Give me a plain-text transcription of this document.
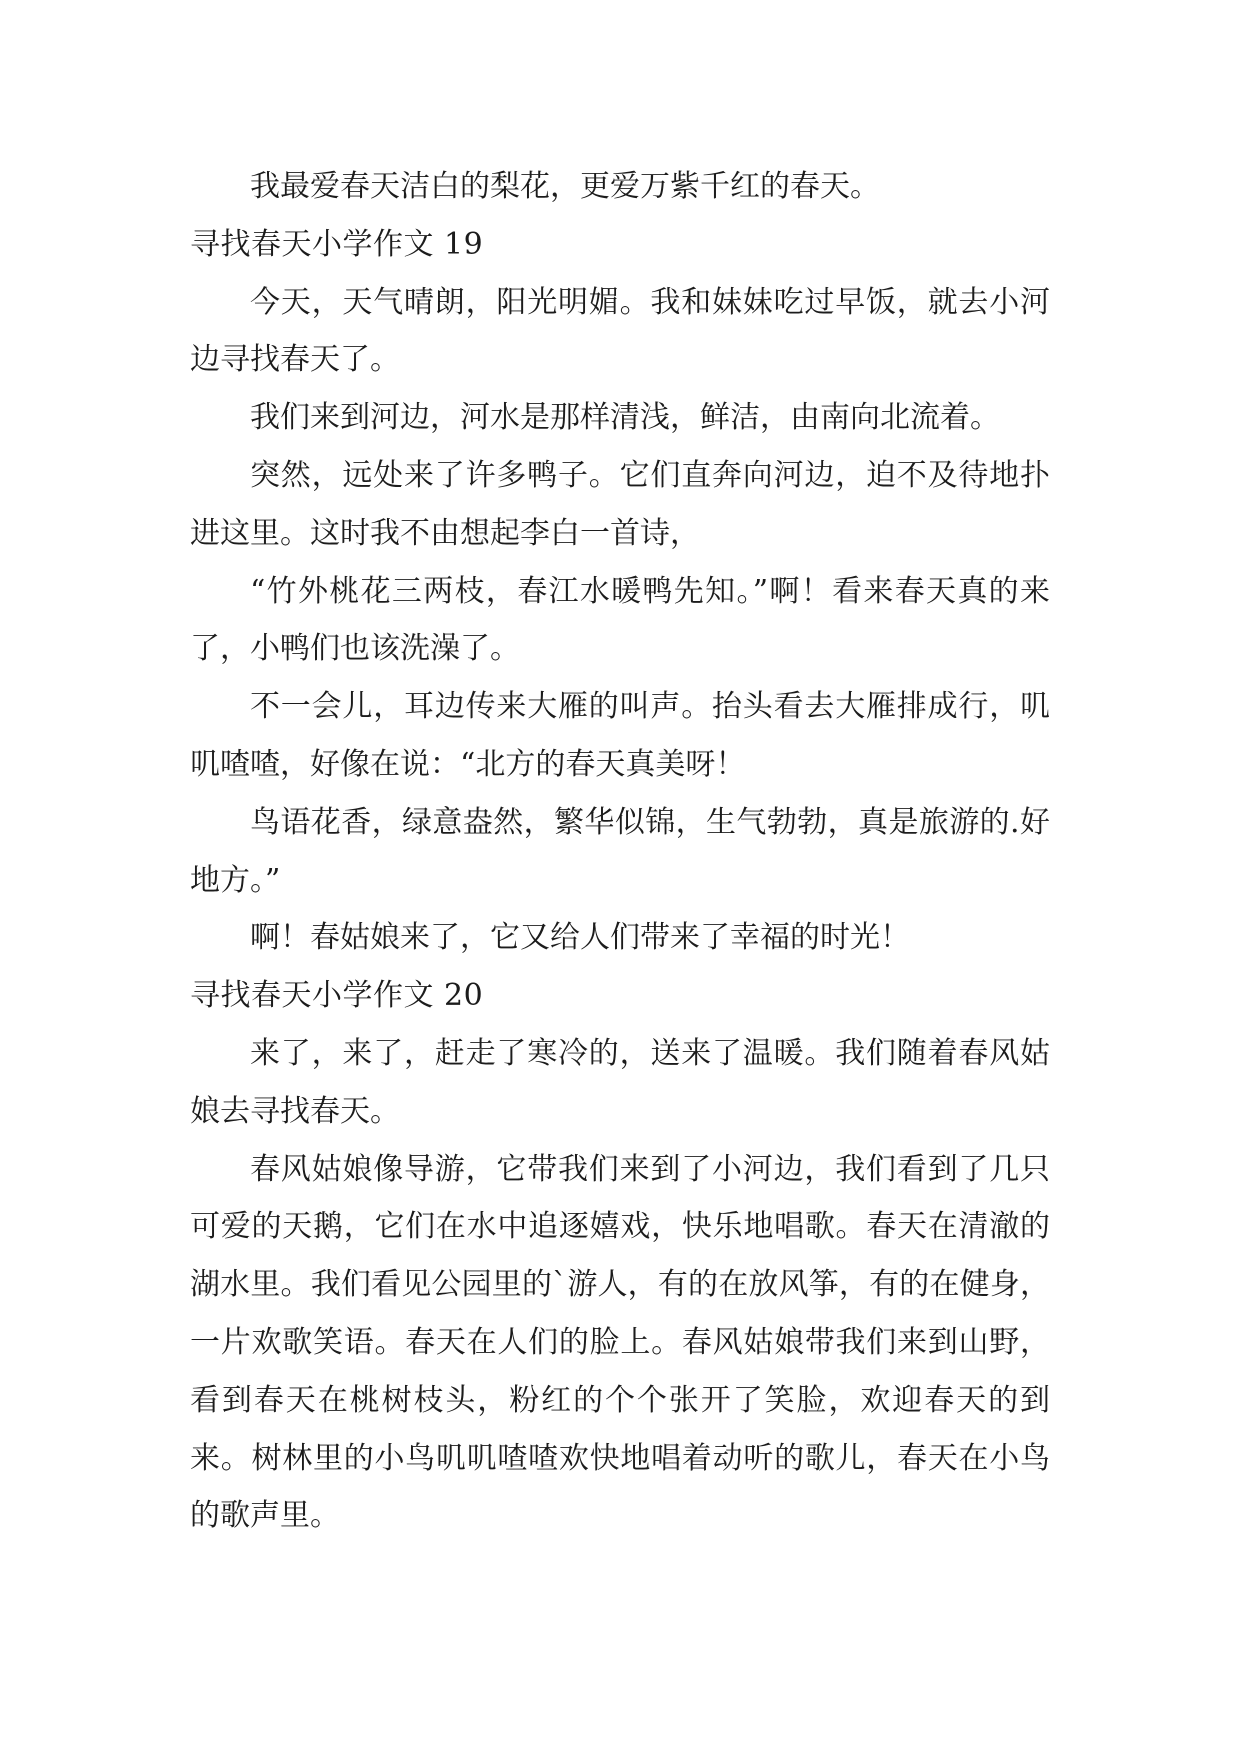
我最爱春天洁白的梨花，更爱万紫千红的春天。

寻找春天小学作文 19

今天，天气晴朗，阳光明媚。我和妹妹吃过早饭，就去小河边寻找春天了。

我们来到河边，河水是那样清浅，鲜洁，由南向北流着。

突然，远处来了许多鸭子。它们直奔向河边，迫不及待地扑进这里。这时我不由想起李白一首诗，

“竹外桃花三两枝，春江水暖鸭先知。”啊！看来春天真的来了，小鸭们也该洗澡了。

不一会儿，耳边传来大雁的叫声。抬头看去大雁排成行，叽叽喳喳，好像在说：“北方的春天真美呀！

鸟语花香，绿意盎然，繁华似锦，生气勃勃，真是旅游的.好地方。”

啊！春姑娘来了，它又给人们带来了幸福的时光！

寻找春天小学作文 20

来了，来了，赶走了寒冷的，送来了温暖。我们随着春风姑娘去寻找春天。

春风姑娘像导游，它带我们来到了小河边，我们看到了几只可爱的天鹅，它们在水中追逐嬉戏，快乐地唱歌。春天在清澈的湖水里。我们看见公园里的`游人，有的在放风筝，有的在健身，一片欢歌笑语。春天在人们的脸上。春风姑娘带我们来到山野，看到春天在桃树枝头，粉红的个个张开了笑脸，欢迎春天的到来。树林里的小鸟叽叽喳喳欢快地唱着动听的歌儿，春天在小鸟的歌声里。
